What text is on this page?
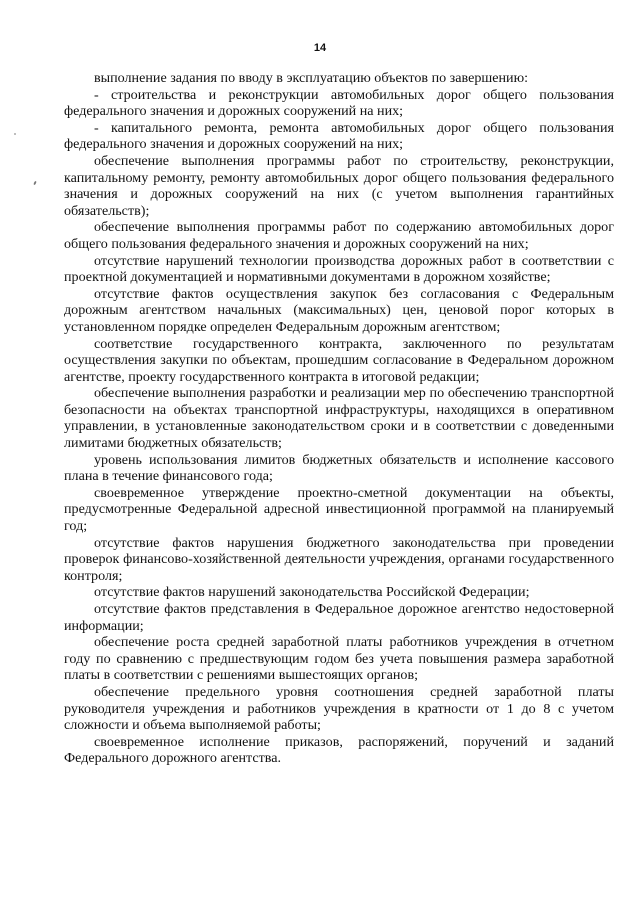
14

выполнение задания по вводу в эксплуатацию объектов по завершению:

- строительства и реконструкции автомобильных дорог общего пользования федерального значения и дорожных сооружений на них;

- капитального ремонта, ремонта автомобильных дорог общего пользования федерального значения и дорожных сооружений на них;

обеспечение выполнения программы работ по строительству, реконструкции, капитальному ремонту, ремонту автомобильных дорог общего пользования федерального значения и дорожных сооружений на них (с учетом выполнения гарантийных обязательств);

обеспечение выполнения программы работ по содержанию автомобильных дорог общего пользования федерального значения и дорожных сооружений на них;

отсутствие нарушений технологии производства дорожных работ в соответствии с проектной документацией и нормативными документами в дорожном хозяйстве;

отсутствие фактов осуществления закупок без согласования с Федеральным дорожным агентством начальных (максимальных) цен, ценовой порог которых в установленном порядке определен Федеральным дорожным агентством;

соответствие государственного контракта, заключенного по результатам осуществления закупки по объектам, прошедшим согласование в Федеральном дорожном агентстве, проекту государственного контракта в итоговой редакции;

обеспечение выполнения разработки и реализации мер по обеспечению транспортной безопасности на объектах транспортной инфраструктуры, находящихся в оперативном управлении, в установленные законодательством сроки и в соответствии с доведенными лимитами бюджетных обязательств;

уровень использования лимитов бюджетных обязательств и исполнение кассового плана в течение финансового года;

своевременное утверждение проектно-сметной документации на объекты, предусмотренные Федеральной адресной инвестиционной программой на планируемый год;

отсутствие фактов нарушения бюджетного законодательства при проведении проверок финансово-хозяйственной деятельности учреждения, органами государственного контроля;

отсутствие фактов нарушений законодательства Российской Федерации;

отсутствие фактов представления в Федеральное дорожное агентство недостоверной информации;

обеспечение роста средней заработной платы работников учреждения в отчетном году по сравнению с предшествующим годом без учета повышения размера заработной платы в соответствии с решениями вышестоящих органов;

обеспечение предельного уровня соотношения средней заработной платы руководителя учреждения и работников учреждения в кратности от 1 до 8 с учетом сложности и объема выполняемой работы;

своевременное исполнение приказов, распоряжений, поручений и заданий Федерального дорожного агентства.
